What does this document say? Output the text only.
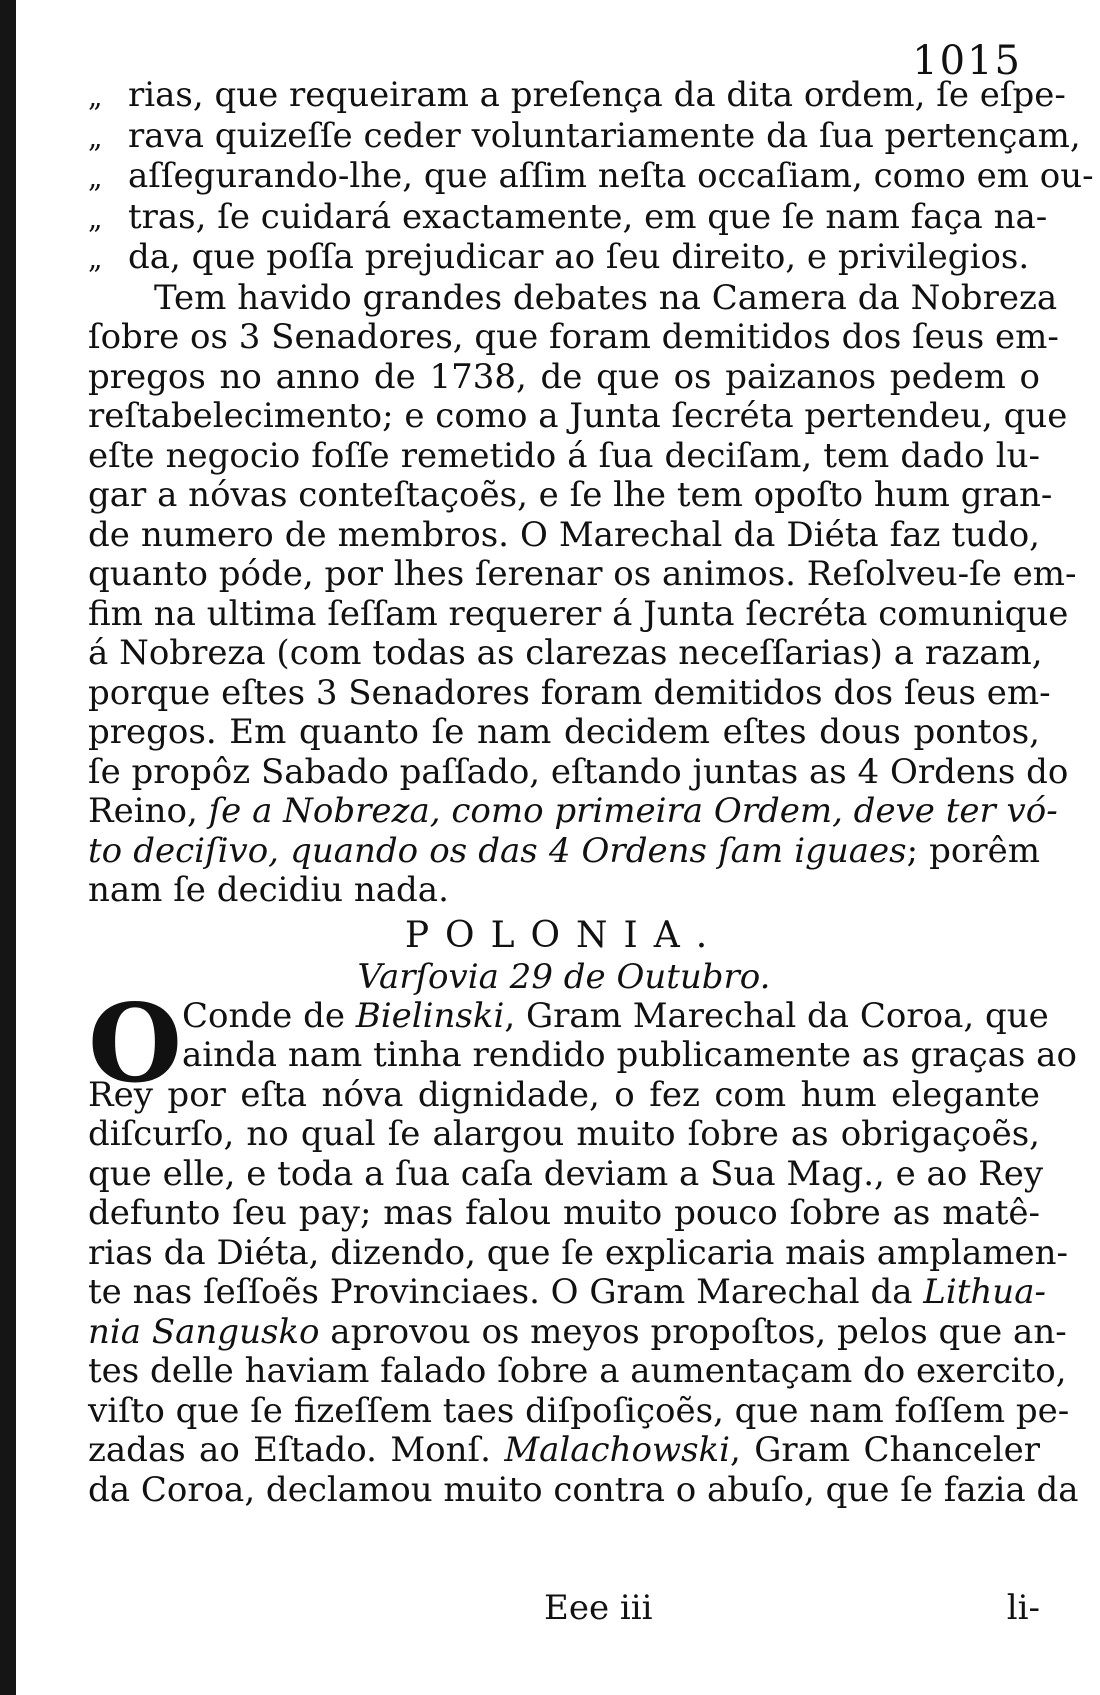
1015
„ rias, que requeiram a preſença da dita ordem, ſe eſpe-
„ rava quizeſſe ceder voluntariamente da ſua pertençam,
„ aſſegurando-lhe, que aſſim neſta occaſiam, como em ou-
„ tras, ſe cuidará exactamente, em que ſe nam faça na-
„ da, que poſſa prejudicar ao ſeu direito, e privilegios.
Tem havido grandes debates na Camera da Nobreza
ſobre os 3 Senadores, que foram demitidos dos ſeus em-
pregos no anno de 1738, de que os paizanos pedem o
reſtabelecimento; e como a Junta ſecréta pertendeu, que
eſte negocio foſſe remetido á ſua deciſam, tem dado lu-
gar a nóvas conteſtaçoẽs, e ſe lhe tem opoſto hum gran-
de numero de membros. O Marechal da Diéta faz tudo,
quanto póde, por lhes ſerenar os animos. Reſolveu-ſe em-
fim na ultima ſeſſam requerer á Junta ſecréta comunique
á Nobreza (com todas as clarezas neceſſarias) a razam,
porque eſtes 3 Senadores foram demitidos dos ſeus em-
pregos. Em quanto ſe nam decidem eſtes dous pontos,
ſe propôz Sabado paſſado, eſtando juntas as 4 Ordens do
Reino, ſe a Nobreza, como primeira Ordem, deve ter vó-
to deciſivo, quando os das 4 Ordens ſam iguaes; porêm
nam ſe decidiu nada.
POLONIA.
Varſovia 29 de Outubro.
O Conde de Bielinski, Gram Marechal da Coroa, que
ainda nam tinha rendido publicamente as graças ao
Rey por eſta nóva dignidade, o fez com hum elegante
diſcurſo, no qual ſe alargou muito ſobre as obrigaçoẽs,
que elle, e toda a ſua caſa deviam a Sua Mag., e ao Rey
defunto ſeu pay; mas falou muito pouco ſobre as matê-
rias da Diéta, dizendo, que ſe explicaria mais amplamen-
te nas ſeſſoẽs Provinciaes. O Gram Marechal da Lithua-
nia Sangusko aprovou os meyos propoſtos, pelos que an-
tes delle haviam falado ſobre a aumentaçam do exercito,
viſto que ſe fizeſſem taes diſpoſiçoẽs, que nam foſſem pe-
zadas ao Eſtado. Monſ. Malachowski, Gram Chanceler
da Coroa, declamou muito contra o abuſo, que ſe fazia da
Eee iii	li-
